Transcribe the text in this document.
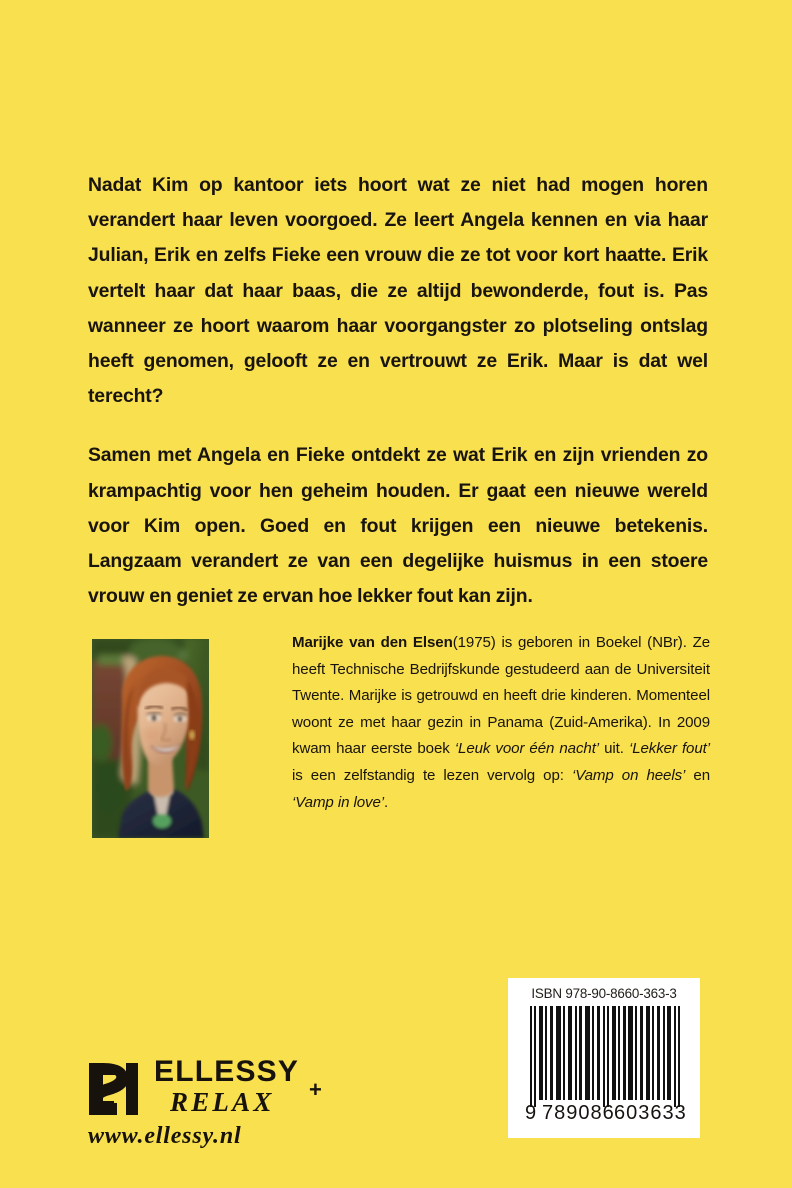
Nadat Kim op kantoor iets hoort wat ze niet had mogen horen verandert haar leven voorgoed. Ze leert Angela kennen en via haar Julian, Erik en zelfs Fieke een vrouw die ze tot voor kort haatte. Erik vertelt haar dat haar baas, die ze altijd bewonderde, fout is. Pas wanneer ze hoort waarom haar voorgangster zo plotseling ontslag heeft genomen, gelooft ze en vertrouwt ze Erik. Maar is dat wel terecht?

Samen met Angela en Fieke ontdekt ze wat Erik en zijn vrienden zo krampachtig voor hen geheim houden. Er gaat een nieuwe wereld voor Kim open. Goed en fout krijgen een nieuwe betekenis. Langzaam verandert ze van een degelijke huismus in een stoere vrouw en geniet ze ervan hoe lekker fout kan zijn.

Marijke van den Elsen(1975) is geboren in Boekel (NBr). Ze heeft Technische Bedrijfskunde gestudeerd aan de Universiteit Twente. Marijke is getrouwd en heeft drie kinderen. Momenteel woont ze met haar gezin in Panama (Zuid-Amerika). In 2009 kwam haar eerste boek ‘Leuk voor één nacht’ uit. ‘Lekker fout’ is een zelfstandig te lezen vervolg op: ‘Vamp on heels’ en ‘Vamp in love’.
ELLESSY
RELAX +
www.ellessy.nl
ISBN 978-90-8660-363-3
9 789086 603633
